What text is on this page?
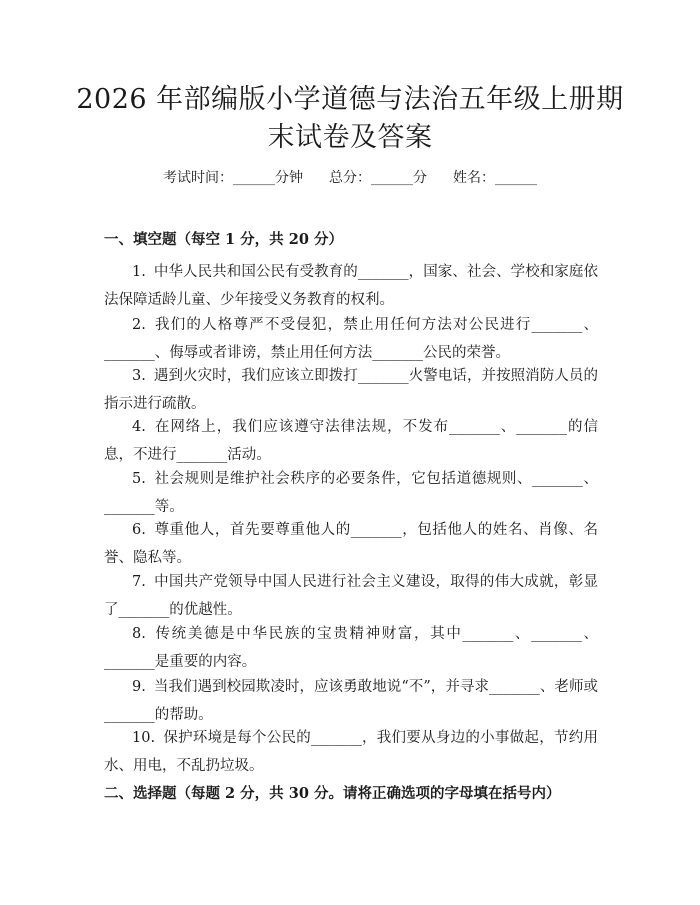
2026 年部编版小学道德与法治五年级上册期
末试卷及答案
考试时间：______分钟 总分：______分 姓名：______

一、填空题（每空 1 分，共 20 分）

1. 中华人民共和国公民有受教育的_______，国家、社会、学校和家庭依法保障适龄儿童、少年接受义务教育的权利。

2. 我们的人格尊严不受侵犯，禁止用任何方法对公民进行_______、_______、侮辱或者诽谤，禁止用任何方法_______公民的荣誉。

3. 遇到火灾时，我们应该立即拨打_______火警电话，并按照消防人员的指示进行疏散。

4. 在网络上，我们应该遵守法律法规，不发布_______、_______的信息，不进行_______活动。

5. 社会规则是维护社会秩序的必要条件，它包括道德规则、_______、_______等。

6. 尊重他人，首先要尊重他人的_______，包括他人的姓名、肖像、名誉、隐私等。

7. 中国共产党领导中国人民进行社会主义建设，取得的伟大成就，彰显了_______的优越性。

8. 传统美德是中华民族的宝贵精神财富，其中_______、_______、_______是重要的内容。

9. 当我们遇到校园欺凌时，应该勇敢地说“不”，并寻求_______、老师或_______的帮助。

10. 保护环境是每个公民的_______，我们要从身边的小事做起，节约用水、用电，不乱扔垃圾。

二、选择题（每题 2 分，共 30 分。请将正确选项的字母填在括号内）
